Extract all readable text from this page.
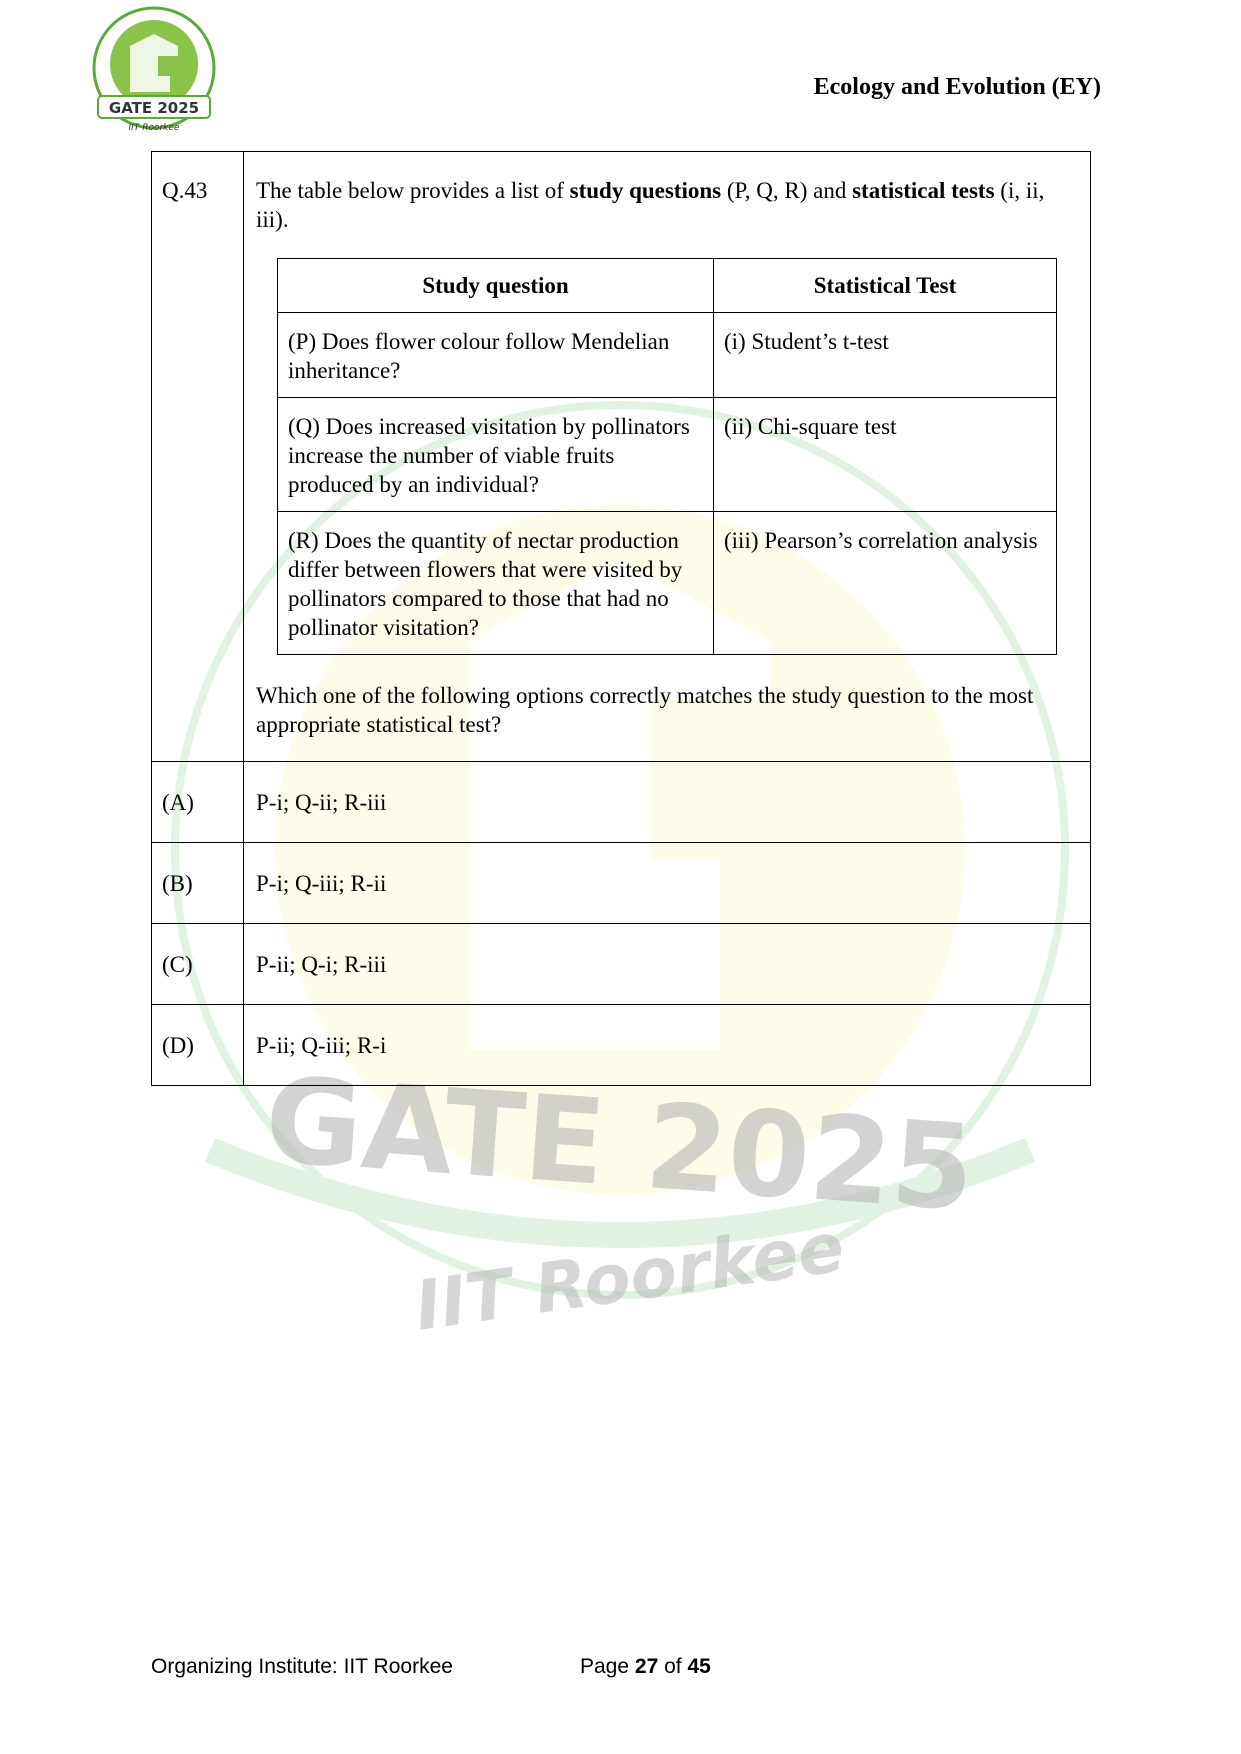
GATE 2025
IIT Roorkee
GATE 2025
IIT Roorkee
Ecology and Evolution (EY)
Q.43	The table below provides a list of study questions (P, Q, R) and statistical tests (i, ii, iii).
Study question	Statistical Test
(P) Does flower colour follow Mendelian inheritance?	(i) Student’s t-test
(Q) Does increased visitation by pollinators increase the number of viable fruits produced by an individual?	(ii) Chi-square test
(R) Does the quantity of nectar production differ between flowers that were visited by pollinators compared to those that had no pollinator visitation?	(iii) Pearson’s correlation analysis
Which one of the following options correctly matches the study question to the most appropriate statistical test?

(A)	P-i; Q-ii; R-iii
(B)	P-i; Q-iii; R-ii
(C)	P-ii; Q-i; R-iii
(D)	P-ii; Q-iii; R-i
Organizing Institute: IIT Roorkee	Page 27 of 45
